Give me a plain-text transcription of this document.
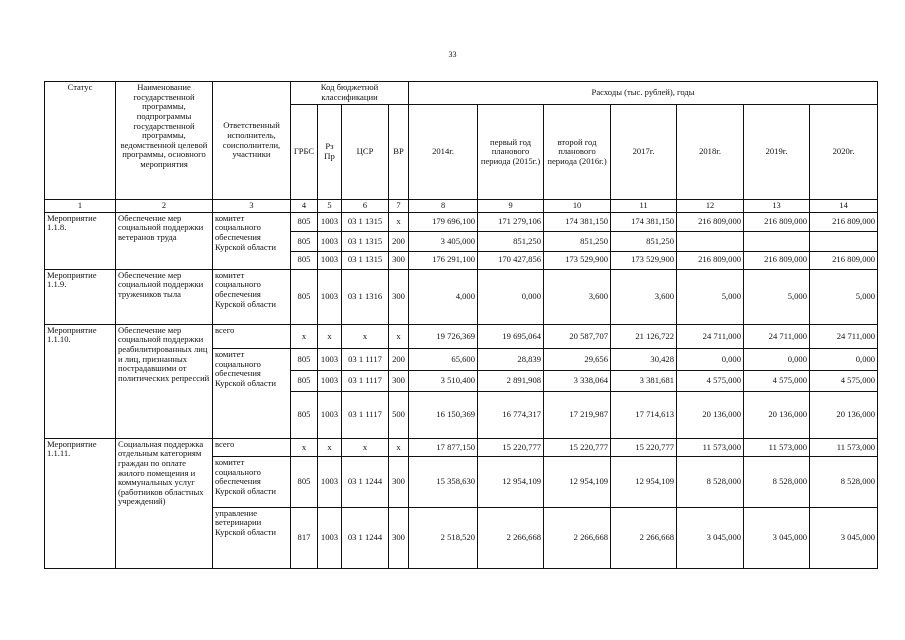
33
Статус	Наименование государственной программы, подпрограммы государственной программы, ведомственной целевой программы, основного мероприятия	Ответственный исполнитель, соисполнители, участники	Код бюджетной классификации				Расходы (тыс. рублей), годы						
			ГРБС	Рз Пр	ЦСР	ВР	2014г.	первый год планового периода (2015г.)	второй год планового периода (2016г.)	2017г.	2018г.	2019г.	2020г.
1	2	3	4	5	6	7	8	9	10	11	12	13	14
Мероприятие 1.1.8.	Обеспечение мер социальной поддержки ветеранов труда	комитет социального обеспечения Курской области	805	1003	03 1 1315	х	179 696,100	171 279,106	174 381,150	174 381,150	216 809,000	216 809,000	216 809,000
			805	1003	03 1 1315	200	3 405,000	851,250	851,250	851,250			
			805	1003	03 1 1315	300	176 291,100	170 427,856	173 529,900	173 529,900	216 809,000	216 809,000	216 809,000
Мероприятие 1.1.9.	Обеспечение мер социальной поддержки тружеников тыла	комитет социального обеспечения Курской области	805	1003	03 1 1316	300	4,000	0,000	3,600	3,600	5,000	5,000	5,000
Мероприятие 1.1.10.	Обеспечение мер социальной поддержки реабилитированных лиц и лиц, признанных пострадавшими от политических репрессий	всего	х	х	х	х	19 726,369	19 695,064	20 587,707	21 126,722	24 711,000	24 711,000	24 711,000
		комитет социального обеспечения Курской области	805	1003	03 1 1117	200	65,600	28,839	29,656	30,428	0,000	0,000	0,000
			805	1003	03 1 1117	300	3 510,400	2 891,908	3 338,064	3 381,681	4 575,000	4 575,000	4 575,000
			805	1003	03 1 1117	500	16 150,369	16 774,317	17 219,987	17 714,613	20 136,000	20 136,000	20 136,000
Мероприятие 1.1.11.	Социальная поддержка отдельным категориям граждан по оплате жилого помещения и коммунальных услуг (работников областных учреждений)	всего	х	х	х	х	17 877,150	15 220,777	15 220,777	15 220,777	11 573,000	11 573,000	11 573,000
		комитет социального обеспечения Курской области	805	1003	03 1 1244	300	15 358,630	12 954,109	12 954,109	12 954,109	8 528,000	8 528,000	8 528,000
		управление ветеринарии Курской области	817	1003	03 1 1244	300	2 518,520	2 266,668	2 266,668	2 266,668	3 045,000	3 045,000	3 045,000
